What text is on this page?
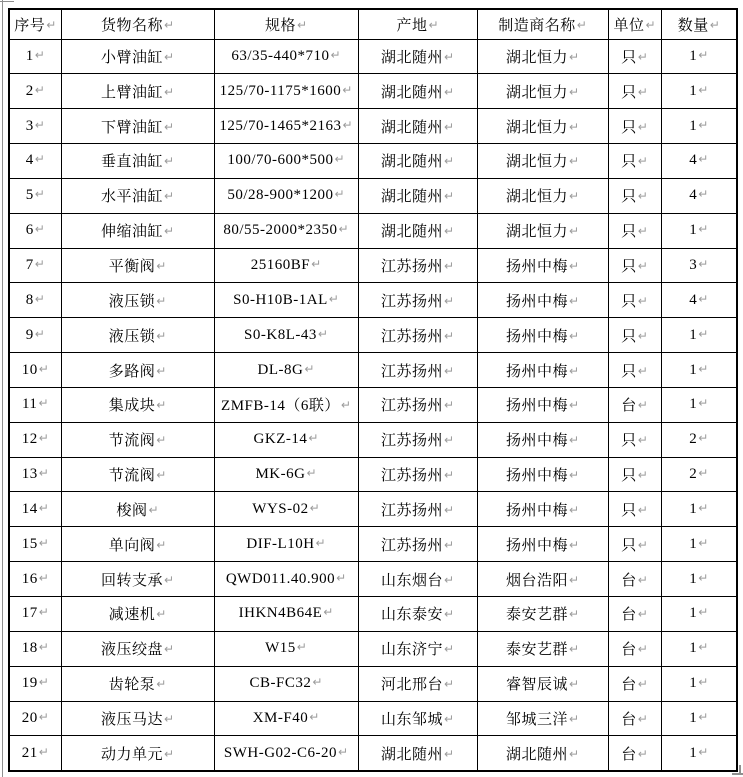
序号↵	货物名称↵	规格↵	产地↵	制造商名称↵	单位↵	数量↵
1↵	小臂油缸↵	63/35-440*710↵	湖北随州↵	湖北恒力↵	只↵	1↵
2↵	上臂油缸↵	125/70-1175*1600↵	湖北随州↵	湖北恒力↵	只↵	1↵
3↵	下臂油缸↵	125/70-1465*2163↵	湖北随州↵	湖北恒力↵	只↵	1↵
4↵	垂直油缸↵	100/70-600*500↵	湖北随州↵	湖北恒力↵	只↵	4↵
5↵	水平油缸↵	50/28-900*1200↵	湖北随州↵	湖北恒力↵	只↵	4↵
6↵	伸缩油缸↵	80/55-2000*2350↵	湖北随州↵	湖北恒力↵	只↵	1↵
7↵	平衡阀↵	25160BF↵	江苏扬州↵	扬州中梅↵	只↵	3↵
8↵	液压锁↵	S0-H10B-1AL↵	江苏扬州↵	扬州中梅↵	只↵	4↵
9↵	液压锁↵	S0-K8L-43↵	江苏扬州↵	扬州中梅↵	只↵	1↵
10↵	多路阀↵	DL-8G↵	江苏扬州↵	扬州中梅↵	只↵	1↵
11↵	集成块↵	ZMFB-14（6联）↵	江苏扬州↵	扬州中梅↵	台↵	1↵
12↵	节流阀↵	GKZ-14↵	江苏扬州↵	扬州中梅↵	只↵	2↵
13↵	节流阀↵	MK-6G↵	江苏扬州↵	扬州中梅↵	只↵	2↵
14↵	梭阀↵	WYS-02↵	江苏扬州↵	扬州中梅↵	只↵	1↵
15↵	单向阀↵	DIF-L10H↵	江苏扬州↵	扬州中梅↵	只↵	1↵
16↵	回转支承↵	QWD011.40.900↵	山东烟台↵	烟台浩阳↵	台↵	1↵
17↵	减速机↵	IHKN4B64E↵	山东泰安↵	泰安艺群↵	台↵	1↵
18↵	液压绞盘↵	W15↵	山东济宁↵	泰安艺群↵	台↵	1↵
19↵	齿轮泵↵	CB-FC32↵	河北邢台↵	睿智辰诚↵	台↵	1↵
20↵	液压马达↵	XM-F40↵	山东邹城↵	邹城三洋↵	台↵	1↵
21↵	动力单元↵	SWH-G02-C6-20↵	湖北随州↵	湖北随州↵	台↵	1↵
